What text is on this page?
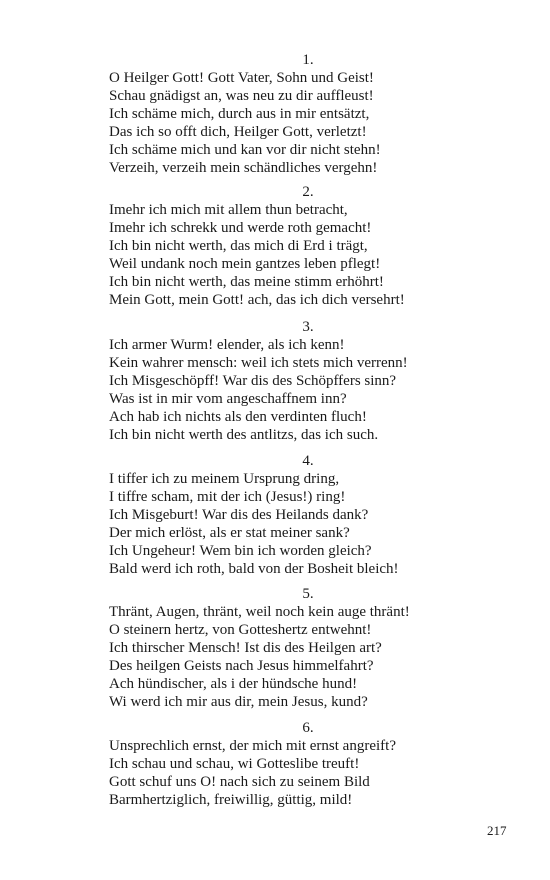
1.
O Heilger Gott! Gott Vater, Sohn und Geist!
Schau gnädigst an, was neu zu dir auffleust!
Ich schäme mich, durch aus in mir entsätzt,
Das ich so offt dich, Heilger Gott, verletzt!
Ich schäme mich und kan vor dir nicht stehn!
Verzeih, verzeih mein schändliches vergehn!
2.
Imehr ich mich mit allem thun betracht,
Imehr ich schrekk und werde roth gemacht!
Ich bin nicht werth, das mich di Erd i trägt,
Weil undank noch mein gantzes leben pflegt!
Ich bin nicht werth, das meine stimm erhöhrt!
Mein Gott, mein Gott! ach, das ich dich versehrt!
3.
Ich armer Wurm! elender, als ich kenn!
Kein wahrer mensch: weil ich stets mich verrenn!
Ich Misgeschöpff! War dis des Schöpffers sinn?
Was ist in mir vom angeschaffnem inn?
Ach hab ich nichts als den verdinten fluch!
Ich bin nicht werth des antlitzs, das ich such.
4.
I tiffer ich zu meinem Ursprung dring,
I tiffre scham, mit der ich (Jesus!) ring!
Ich Misgeburt! War dis des Heilands dank?
Der mich erlöst, als er stat meiner sank?
Ich Ungeheur! Wem bin ich worden gleich?
Bald werd ich roth, bald von der Bosheit bleich!
5.
Thränt, Augen, thränt, weil noch kein auge thränt!
O steinern hertz, von Gotteshertz entwehnt!
Ich thirscher Mensch! Ist dis des Heilgen art?
Des heilgen Geists nach Jesus himmelfahrt?
Ach hündischer, als i der hündsche hund!
Wi werd ich mir aus dir, mein Jesus, kund?
6.
Unsprechlich ernst, der mich mit ernst angreift?
Ich schau und schau, wi Gotteslibe treuft!
Gott schuf uns O! nach sich zu seinem Bild
Barmhertziglich, freiwillig, güttig, mild!
217
